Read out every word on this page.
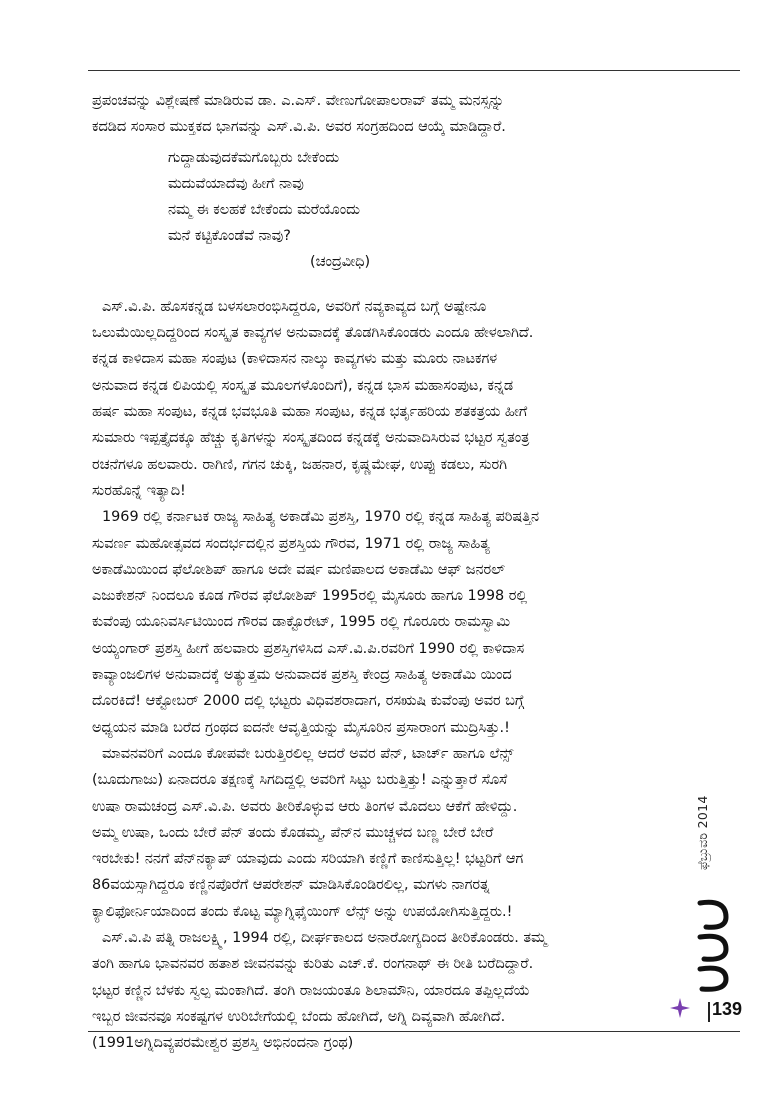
ಪ್ರಪಂಚವನ್ನು ವಿಶ್ಲೇಷಣೆ ಮಾಡಿರುವ ಡಾ. ಎ.ಎಸ್. ವೇಣುಗೋಪಾಲರಾವ್ ತಮ್ಮ ಮನಸ್ಸನ್ನು

ಕದಡಿದ ಸಂಸಾರ ಮುಕ್ತಕದ ಭಾಗವನ್ನು ಎಸ್.ವಿ.ಪಿ. ಅವರ ಸಂಗ್ರಹದಿಂದ ಆಯ್ಕೆ ಮಾಡಿದ್ದಾರೆ.

ಗುದ್ದಾಡುವುದಕೆಮಗೊಬ್ಬರು ಬೇಕೆಂದು

ಮದುವೆಯಾದೆವು ಹೀಗೆ ನಾವು

ನಮ್ಮ ಈ ಕಲಹಕೆ ಬೇಕೆಂದು ಮರೆಯೊಂದು

ಮನೆ ಕಟ್ಟಿಕೊಂಡೆವೆ ನಾವು?

(ಚಂದ್ರವೀಧಿ)

ಎಸ್.ವಿ.ಪಿ. ಹೊಸಕನ್ನಡ ಬಳಸಲಾರಂಭಿಸಿದ್ದರೂ, ಅವರಿಗೆ ನವ್ಯಕಾವ್ಯದ ಬಗ್ಗೆ ಅಷ್ಟೇನೂ

ಒಲುಮೆಯಿಲ್ಲದಿದ್ದರಿಂದ ಸಂಸ್ಕೃತ ಕಾವ್ಯಗಳ ಅನುವಾದಕ್ಕೆ ತೊಡಗಿಸಿಕೊಂಡರು ಎಂದೂ ಹೇಳಲಾಗಿದೆ.

ಕನ್ನಡ ಕಾಳಿದಾಸ ಮಹಾ ಸಂಪುಟ (ಕಾಳಿದಾಸನ ನಾಲ್ಕು ಕಾವ್ಯಗಳು ಮತ್ತು ಮೂರು ನಾಟಕಗಳ

ಅನುವಾದ ಕನ್ನಡ ಲಿಪಿಯಲ್ಲಿ ಸಂಸ್ಕೃತ ಮೂಲಗಳೊಂದಿಗೆ), ಕನ್ನಡ ಭಾಸ ಮಹಾಸಂಪುಟ, ಕನ್ನಡ

ಹರ್ಷ ಮಹಾ ಸಂಪುಟ, ಕನ್ನಡ ಭವಭೂತಿ ಮಹಾ ಸಂಪುಟ, ಕನ್ನಡ ಭರ್ತೃಹರಿಯ ಶತಕತ್ರಯ ಹೀಗೆ

ಸುಮಾರು ಇಪ್ಪತ್ತೈದಕ್ಕೂ ಹೆಚ್ಚು ಕೃತಿಗಳನ್ನು ಸಂಸ್ಕೃತದಿಂದ ಕನ್ನಡಕ್ಕೆ ಅನುವಾದಿಸಿರುವ ಭಟ್ಟರ ಸ್ವತಂತ್ರ

ರಚನೆಗಳೂ ಹಲವಾರು. ರಾಗಿಣಿ, ಗಗನ ಚುಕ್ಕಿ, ಜಹನಾರ, ಕೃಷ್ಣಮೇಘ, ಉಪ್ಪು ಕಡಲು, ಸುರಗಿ

ಸುರಹೊನ್ನೆ ಇತ್ಯಾದಿ!

1969 ರಲ್ಲಿ ಕರ್ನಾಟಕ ರಾಜ್ಯ ಸಾಹಿತ್ಯ ಅಕಾಡೆಮಿ ಪ್ರಶಸ್ತಿ, 1970 ರಲ್ಲಿ ಕನ್ನಡ ಸಾಹಿತ್ಯ ಪರಿಷತ್ತಿನ

ಸುವರ್ಣ ಮಹೋತ್ಸವದ ಸಂದರ್ಭದಲ್ಲಿನ ಪ್ರಶಸ್ತಿಯ ಗೌರವ, 1971 ರಲ್ಲಿ ರಾಜ್ಯ ಸಾಹಿತ್ಯ

ಅಕಾಡೆಮಿಯಿಂದ ಫೆಲೋಶಿಪ್ ಹಾಗೂ ಅದೇ ವರ್ಷ ಮಣಿಪಾಲದ ಅಕಾಡೆಮಿ ಆಫ್ ಜನರಲ್

ಎಜುಕೇಶನ್ ನಿಂದಲೂ ಕೂಡ ಗೌರವ ಫೆಲೋಶಿಪ್ 1995ರಲ್ಲಿ ಮೈಸೂರು ಹಾಗೂ 1998 ರಲ್ಲಿ

ಕುವೆಂಪು ಯೂನಿವರ್ಸಿಟಿಯಿಂದ ಗೌರವ ಡಾಕ್ಟೊರೇಟ್, 1995 ರಲ್ಲಿ ಗೊರೂರು ರಾಮಸ್ವಾಮಿ

ಅಯ್ಯಂಗಾರ್ ಪ್ರಶಸ್ತಿ ಹೀಗೆ ಹಲವಾರು ಪ್ರಶಸ್ತಿಗಳಿಸಿದ ಎಸ್.ವಿ.ಪಿ.ರವರಿಗೆ 1990 ರಲ್ಲಿ ಕಾಳಿದಾಸ

ಕಾವ್ಯಾಂಜಲಿಗಳ ಅನುವಾದಕ್ಕೆ ಅತ್ಯುತ್ತಮ ಅನುವಾದಕ ಪ್ರಶಸ್ತಿ ಕೇಂದ್ರ ಸಾಹಿತ್ಯ ಅಕಾಡೆಮಿ ಯಿಂದ

ದೊರಕಿದೆ! ಆಕ್ಟೋಬರ್ 2000 ದಲ್ಲಿ ಭಟ್ಟರು ವಿಧಿವಶರಾದಾಗ, ರಸಋಷಿ ಕುವೆಂಪು ಅವರ ಬಗ್ಗೆ

ಅಧ್ಯಯನ ಮಾಡಿ ಬರೆದ ಗ್ರಂಥದ ಐದನೇ ಆವೃತ್ತಿಯನ್ನು ಮೈಸೂರಿನ ಪ್ರಸಾರಾಂಗ ಮುದ್ರಿಸಿತ್ತು.!

ಮಾವನವರಿಗೆ ಎಂದೂ ಕೋಪವೇ ಬರುತ್ತಿರಲಿಲ್ಲ ಆದರೆ ಅವರ ಪೆನ್, ಟಾರ್ಚ್ ಹಾಗೂ ಲೆನ್ಸ್

(ಬೂದುಗಾಜು) ಏನಾದರೂ ತಕ್ಷಣಕ್ಕೆ ಸಿಗದಿದ್ದಲ್ಲಿ ಅವರಿಗೆ ಸಿಟ್ಟು ಬರುತ್ತಿತ್ತು! ಎನ್ನುತ್ತಾರೆ ಸೊಸೆ

ಉಷಾ ರಾಮಚಂದ್ರ ಎಸ್.ವಿ.ಪಿ. ಅವರು ತೀರಿಕೊಳ್ಳುವ ಆರು ತಿಂಗಳ ಮೊದಲು ಆಕೆಗೆ ಹೇಳಿದ್ದು.

ಅಮ್ಮ ಉಷಾ, ಒಂದು ಬೇರೆ ಪೆನ್ ತಂದು ಕೊಡಮ್ಮ, ಪೆನ್‌ನ ಮುಚ್ಚಳದ ಬಣ್ಣ ಬೇರೆ ಬೇರೆ

ಇರಬೇಕು! ನನಗೆ ಪೆನ್‌ನಕ್ಯಾಪ್ ಯಾವುದು ಎಂದು ಸರಿಯಾಗಿ ಕಣ್ಣಿಗೆ ಕಾಣಿಸುತ್ತಿಲ್ಲ! ಭಟ್ಟರಿಗೆ ಆಗ

86ವಯಸ್ಸಾಗಿದ್ದರೂ ಕಣ್ಣಿನಪೊರೆಗೆ ಆಪರೇಶನ್ ಮಾಡಿಸಿಕೊಂಡಿರಲಿಲ್ಲ, ಮಗಳು ನಾಗರತ್ನ

ಕ್ಯಾಲಿಫೋರ್ನಿಯಾದಿಂದ ತಂದು ಕೊಟ್ಟ ಮ್ಯಾಗ್ನಿಫೈಯಿಂಗ್ ಲೆನ್ಸ್ ಅನ್ನು ಉಪಯೋಗಿಸುತ್ತಿದ್ದರು.!

ಎಸ್.ವಿ.ಪಿ ಪತ್ನಿ ರಾಜಲಕ್ಷ್ಮಿ, 1994 ರಲ್ಲಿ, ದೀರ್ಘಕಾಲದ ಅನಾರೋಗ್ಯದಿಂದ ತೀರಿಕೊಂಡರು. ತಮ್ಮ

ತಂಗಿ ಹಾಗೂ ಭಾವನವರ ಹತಾಶ ಜೀವನವನ್ನು ಕುರಿತು ಎಚ್.ಕೆ. ರಂಗನಾಥ್ ಈ ರೀತಿ ಬರೆದಿದ್ದಾರೆ.

ಭಟ್ಟರ ಕಣ್ಣಿನ ಬೆಳಕು ಸ್ವಲ್ಪ ಮಂಕಾಗಿದೆ. ತಂಗಿ ರಾಜಯಂತೂ ಶಿಲಾಮೌನಿ, ಯಾರದೂ ತಪ್ಪಿಲ್ಲದೆಯೆ

ಇಬ್ಬರ ಜೀವನವೂ ಸಂಕಷ್ಟಗಳ ಉರಿಬೇಗೆಯಲ್ಲಿ ಬೆಂದು ಹೋಗಿದೆ, ಅಗ್ನಿ ದಿವ್ಯವಾಗಿ ಹೋಗಿದೆ.

(1991ಅಗ್ನಿದಿವ್ಯಪರಮೇಶ್ವರ ಪ್ರಶಸ್ತಿ ಅಭಿನಂದನಾ ಗ್ರಂಥ)

ಫೆಬ್ರುವರಿ 2014
139
